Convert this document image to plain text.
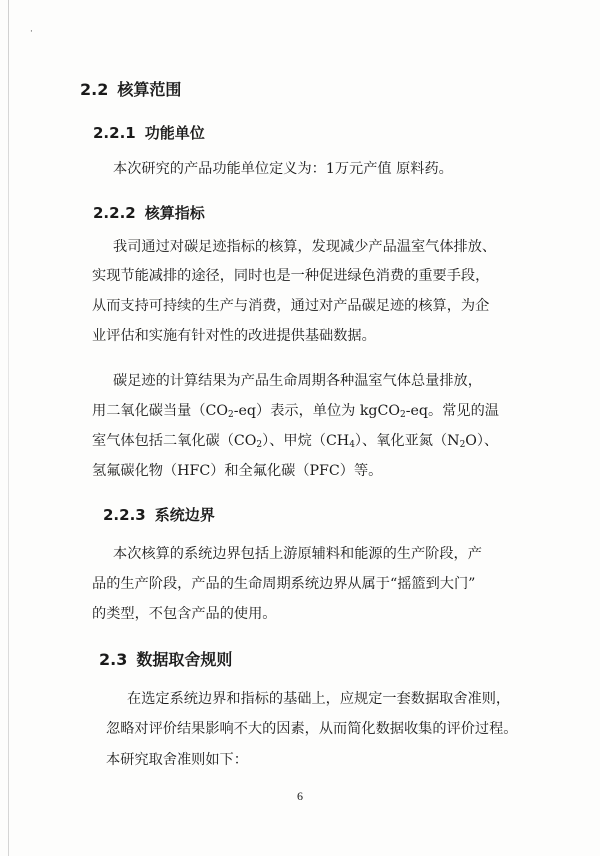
·
2.2 核算范围
2.2.1 功能单位
本次研究的产品功能单位定义为：1万元产值 原料药。
2.2.2 核算指标
我司通过对碳足迹指标的核算，发现减少产品温室气体排放、
实现节能减排的途径，同时也是一种促进绿色消费的重要手段，
从而支持可持续的生产与消费，通过对产品碳足迹的核算，为企
业评估和实施有针对性的改进提供基础数据。
碳足迹的计算结果为产品生命周期各种温室气体总量排放，
用二氧化碳当量$(CO_2-eq)$表示，单位为 kgCO$_2$-eq。常见的温
室气体包括二氧化碳$(CO_2)$、甲烷$(CH_4)$、氧化亚氮$(N_2O)$、
氢氟碳化物（HFC）和全氟化碳（PFC）等。
2.2.3 系统边界
本次核算的系统边界包括上游原辅料和能源的生产阶段，产
品的生产阶段，产品的生命周期系统边界从属于“摇篮到大门”
的类型，不包含产品的使用。
2.3 数据取舍规则
在选定系统边界和指标的基础上，应规定一套数据取舍准则，
忽略对评价结果影响不大的因素，从而简化数据收集的评价过程。
本研究取舍准则如下：
6
